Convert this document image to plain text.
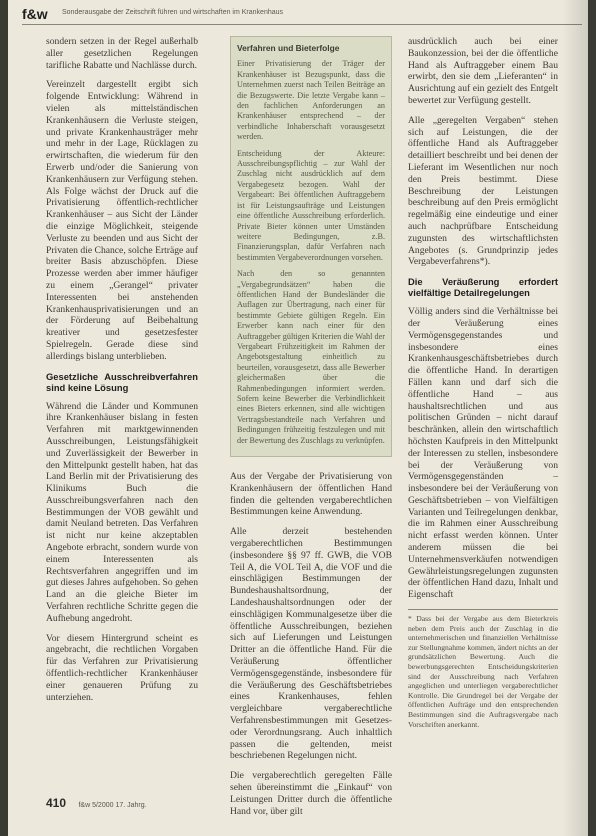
f&w Sonderausgabe der Zeitschrift führen und wirtschaften im Krankenhaus

sondern setzen in der Regel außerhalb aller gesetzlichen Regelungen tarifliche Rabatte und Nachlässe durch.

Vereinzelt dargestellt ergibt sich folgende Entwicklung: Während in vielen als mittelständischen Krankenhäusern die Verluste steigen, und private Krankenhausträger mehr und mehr in der Lage, Rücklagen zu erwirtschaften, die wiederum für den Erwerb und/oder die Sanierung von Krankenhäusern zur Verfügung stehen. Als Folge wächst der Druck auf die Privatisierung öffentlich-rechtlicher Krankenhäuser – aus Sicht der Länder die einzige Möglichkeit, steigende Verluste zu beenden und aus Sicht der Privaten die Chance, solche Erträge auf breiter Basis abzuschöpfen. Diese Prozesse werden aber immer häufiger zu einem „Gerangel“ privater Interessenten bei anstehenden Krankenhausprivatisierungen und an der Förderung auf Beibehaltung kreativer und gesetzesfester Spielregeln. Gerade diese sind allerdings bislang unterblieben.

Gesetzliche Ausschreibverfahren sind keine Lösung

Während die Länder und Kommunen ihre Krankenhäuser bislang in festen Verfahren mit marktgewinnenden Ausschreibungen, Leistungsfähigkeit und Zuverlässigkeit der Bewerber in den Mittelpunkt gestellt haben, hat das Land Berlin mit der Privatisierung des Klinikums Buch die Ausschreibungsverfahren nach den Bestimmungen der VOB gewählt und damit Neuland betreten. Das Verfahren ist nicht nur keine akzeptablen Angebote erbracht, sondern wurde von einem Interessenten als Rechtsverfahren angegriffen und im gut dieses Jahres aufgehoben. So gehen Land an die gleiche Bieter im Verfahren rechtliche Schritte gegen die Aufhebung angedroht.

Vor diesem Hintergrund scheint es angebracht, die rechtlichen Vorgaben für das Verfahren zur Privatisierung öffentlich-rechtlicher Krankenhäuser einer genaueren Prüfung zu unterziehen.

Verfahren und Bieterfolge

Einer Privatisierung der Träger der Krankenhäuser ist Bezugspunkt, dass die Unternehmen zuerst nach Teilen Beiträge an die Bezugswerte. Die letzte Vergabe kann – den fachlichen Anforderungen an Krankenhäuser entsprechend – der verbindliche Inhaberschaft vorausgesetzt werden.

Entscheidung der Akteure: Ausschreibungspflichtig – zur Wahl der Zuschlag nicht ausdrücklich auf dem Vergabegesetz bezogen. Wahl der Vergabeart: Bei öffentlichen Auftraggebern ist für Leistungsaufträge und Leistungen eine öffentliche Ausschreibung erforderlich. Private Bieter können unter Umständen weitere Bedingungen, z.B. Finanzierungsplan, dafür Verfahren nach bestimmten Vergabeverordnungen vorsehen.

Nach den so genannten „Vergabegrundsätzen“ haben die öffentlichen Hand der Bundesländer die Auflagen zur Übertragung, nach einer für bestimmte Gebiete gültigen Regeln. Ein Erwerber kann nach einer für den Auftraggeber gültigen Kriterien die Wahl der Vergabeart Frühzeitigkeit im Rahmen der Angebotsgestaltung einheitlich zu beurteilen, vorausgesetzt, dass alle Bewerber gleichermaßen über die Rahmenbedingungen informiert werden. Sofern keine Bewerber die Verbindlichkeit eines Bieters erkennen, sind alle wichtigen Vertragsbestandteile nach Verfahren und Bedingungen frühzeitig festzulegen und mit der Bewertung des Zuschlags zu verknüpfen.

Aus der Vergabe der Privatisierung von Krankenhäusern der öffentlichen Hand finden die geltenden vergaberechtlichen Bestimmungen keine Anwendung.

Alle derzeit bestehenden vergaberechtlichen Bestimmungen (insbesondere §§ 97 ff. GWB, die VOB Teil A, die VOL Teil A, die VOF und die einschlägigen Bestimmungen der Bundeshaushaltsordnung, der Landeshaushaltsordnungen oder der einschlägigen Kommunalgesetze über die öffentliche Ausschreibungen, beziehen sich auf Lieferungen und Leistungen Dritter an die öffentliche Hand. Für die Veräußerung öffentlicher Vermögensgegenstände, insbesondere für die Veräußerung des Geschäftsbetriebes eines Krankenhauses, fehlen vergleichbare vergaberechtliche Verfahrensbestimmungen mit Gesetzes- oder Verordnungsrang. Auch inhaltlich passen die geltenden, meist beschriebenen Regelungen nicht.

Die vergaberechtlich geregelten Fälle sehen übereinstimmt die „Einkauf“ von Leistungen Dritter durch die öffentliche Hand vor, über gilt

ausdrücklich auch bei einer Baukonzession, bei der die öffentliche Hand als Auftraggeber einem Bau erwirbt, den sie dem „Lieferanten“ in Ausrichtung auf ein gezielt des Entgelt bewertet zur Verfügung gestellt.

Alle „geregelten Vergaben“ stehen sich auf Leistungen, die der öffentliche Hand als Auftraggeber detailliert beschreibt und bei denen der Lieferant im Wesentlichen nur noch den Preis bestimmt. Diese Beschreibung der Leistungen beschreibung auf den Preis ermöglicht regelmäßig eine eindeutige und einer auch nachprüfbare Entscheidung zugunsten des wirtschaftlichsten Angebotes (s. Grundprinzip jedes Vergabeverfahrens*).

Die Veräußerung erfordert vielfältige Detailregelungen

Völlig anders sind die Verhältnisse bei der Veräußerung eines Vermögensgegenstandes und insbesondere eines Krankenhausgeschäftsbetriebes durch die öffentliche Hand. In derartigen Fällen kann und darf sich die öffentliche Hand – aus haushaltsrechtlichen und aus politischen Gründen – nicht darauf beschränken, allein den wirtschaftlich höchsten Kaufpreis in den Mittelpunkt der Interessen zu stellen, insbesondere bei der Veräußerung von Vermögensgegenständen – insbesondere bei der Veräußerung von Geschäftsbetrieben – von Vielfältigen Varianten und Teilregelungen denkbar, die im Rahmen einer Ausschreibung nicht erfasst werden können. Unter anderem müssen die bei Unternehmensverkäufen notwendigen Gewährleistungsregelungen zugunsten der öffentlichen Hand dazu, Inhalt und Eigenschaft

* Dass bei der Vergabe aus dem Bieterkreis neben dem Preis auch der Zuschlag in die unternehmerischen und finanziellen Verhältnisse zur Stellungnahme kommen, ändert nichts an der grundsätzlichen Bewertung. Auch die bewerbungsgerechten Entscheidungskriterien sind der Ausschreibung nach Verfahren angeglichen und unterliegen vergaberechtlicher Kontrolle. Die Grundregel bei der Vergabe der öffentlichen Aufträge und den entsprechenden Bestimmungen sind die Auftragsvergabe nach Vorschriften anerkannt.
410 f&w 5/2000 17. Jahrg.
